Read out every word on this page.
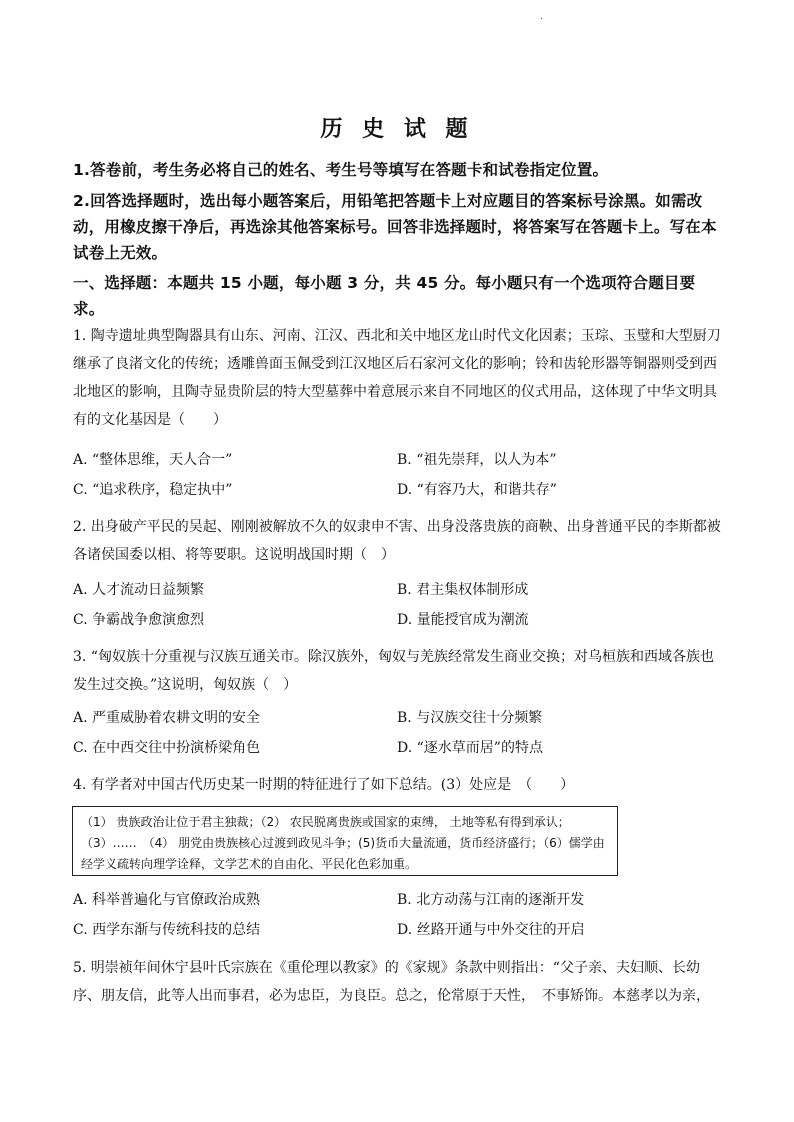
·
历 史 试 题
1.答卷前，考生务必将自己的姓名、考生号等填写在答题卡和试卷指定位置。
2.回答选择题时，选出每小题答案后，用铅笔把答题卡上对应题目的答案标号涂黑。如需改动，用橡皮擦干净后，再选涂其他答案标号。回答非选择题时，将答案写在答题卡上。写在本试卷上无效。
一、选择题：本题共 15 小题，每小题 3 分，共 45 分。每小题只有一个选项符合题目要求。
1. 陶寺遗址典型陶器具有山东、河南、江汉、西北和关中地区龙山时代文化因素；玉琮、玉璧和大型厨刀继承了良渚文化的传统；透雕兽面玉佩受到江汉地区后石家河文化的影响；铃和齿轮形器等铜器则受到西北地区的影响，且陶寺显贵阶层的特大型墓葬中着意展示来自不同地区的仪式用品，这体现了中华文明具有的文化基因是（　　）
A. “整体思维，天人合一”	B. “祖先崇拜，以人为本”
C. “追求秩序，稳定执中”	D. “有容乃大，和谐共存”
2. 出身破产平民的吴起、刚刚被解放不久的奴隶申不害、出身没落贵族的商鞅、出身普通平民的李斯都被各诸侯国委以相、将等要职。这说明战国时期（　）
A. 人才流动日益频繁	B. 君主集权体制形成
C. 争霸战争愈演愈烈	D. 量能授官成为潮流
3. “匈奴族十分重视与汉族互通关市。除汉族外，匈奴与羌族经常发生商业交换；对乌桓族和西域各族也发生过交换。”这说明，匈奴族（　）
A. 严重威胁着农耕文明的安全	B. 与汉族交往十分频繁
C. 在中西交往中扮演桥梁角色	D. “逐水草而居”的特点
4. 有学者对中国古代历史某一时期的特征进行了如下总结。(3）处应是　（　　）
（1） 贵族政治让位于君主独裁；（2） 农民脱离贵族或国家的束缚， 土地等私有得到承认；（3）……　（4） 朋党由贵族核心过渡到政见斗争；(5)货币大量流通，货币经济盛行；（6）儒学由经学义疏转向理学诠释，文学艺术的自由化、平民化色彩加重。
A. 科举普遍化与官僚政治成熟	B. 北方动荡与江南的逐渐开发
C. 西学东渐与传统科技的总结	D. 丝路开通与中外交往的开启
5. 明崇祯年间休宁县叶氏宗族在《重伦理以教家》的《家规》条款中则指出：“父子亲、夫妇顺、长幼序、朋友信，此等人出而事君，必为忠臣，为良臣。总之，伦常原于天性，　不事矫饰。本慈孝以为亲，
